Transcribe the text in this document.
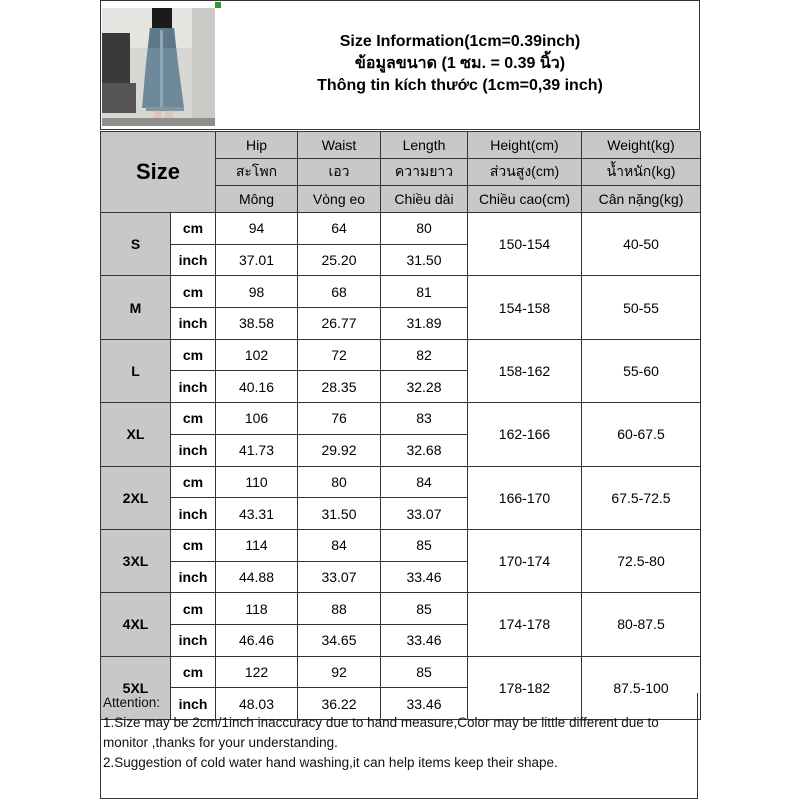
Size Information(1cm=0.39inch)
ข้อมูลขนาด (1 ซม. = 0.39 นิ้ว)
Thông tin kích thước (1cm=0,39 inch)
Size		Hip	Waist	Length	Height(cm)	Weight(kg)
		สะโพก	เอว	ความยาว	ส่วนสูง(cm)	น้ำหนัก(kg)
		Mông	Vòng eo	Chiều dài	Chiều cao(cm)	Cân nặng(kg)
S	cm	94	64	80	150-154	40-50
	inch	37.01	25.20	31.50		
M	cm	98	68	81	154-158	50-55
	inch	38.58	26.77	31.89		
L	cm	102	72	82	158-162	55-60
	inch	40.16	28.35	32.28		
XL	cm	106	76	83	162-166	60-67.5
	inch	41.73	29.92	32.68		
2XL	cm	110	80	84	166-170	67.5-72.5
	inch	43.31	31.50	33.07		
3XL	cm	114	84	85	170-174	72.5-80
	inch	44.88	33.07	33.46		
4XL	cm	118	88	85	174-178	80-87.5
	inch	46.46	34.65	33.46		
5XL	cm	122	92	85	178-182	87.5-100
	inch	48.03	36.22	33.46		
Attention:
1.Size may be 2cm/1inch inaccuracy due to hand measure,Color may be little different due to monitor ,thanks for your understanding.
2.Suggestion of cold water hand washing,it can help items keep their shape.
